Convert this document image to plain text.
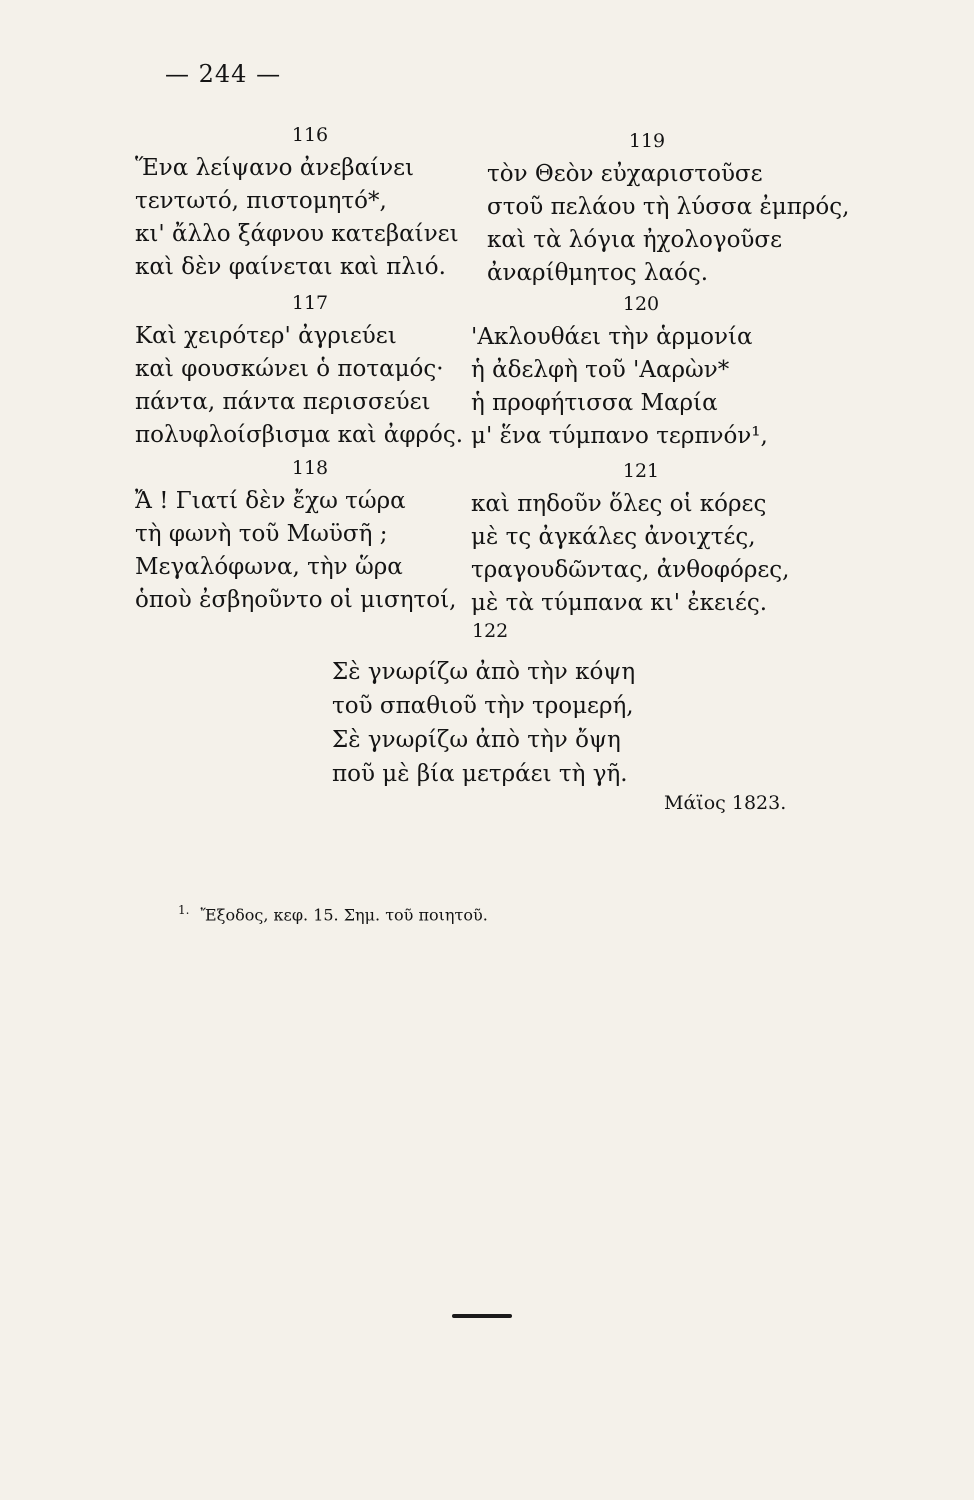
— 244 —
116
Ἕνα λείψανο ἀνεβαίνει
τεντωτό, πιστομητό*,
κι' ἄλλο ξάφνου κατεβαίνει
καὶ δὲν φαίνεται καὶ πλιό.
117
Καὶ χειρότερ' ἀγριεύει
καὶ φουσκώνει ὁ ποταμός·
πάντα, πάντα περισσεύει
πολυφλοίσβισμα καὶ ἀφρός.
118
Ἄ ! Γιατί δὲν ἔχω τώρα
τὴ φωνὴ τοῦ Μωϋσῆ ;
Μεγαλόφωνα, τὴν ὥρα
ὁποὺ ἐσβηοῦντο οἱ μισητοί,
119
τὸν Θεὸν εὐχαριστοῦσε
στοῦ πελάου τὴ λύσσα ἐμπρός,
καὶ τὰ λόγια ἠχολογοῦσε
ἀναρίθμητος λαός.
120
'Ακλουθάει τὴν ἁρμονία
ἡ ἀδελφὴ τοῦ 'Ααρὼν*
ἡ προφήτισσα Μαρία
μ' ἕνα τύμπανο τερπνόν¹,
121
καὶ πηδοῦν ὅλες οἱ κόρες
μὲ τς ἀγκάλες ἀνοιχτές,
τραγουδῶντας, ἀνθοφόρες,
μὲ τὰ τύμπανα κι' ἐκειές.
122
Σὲ γνωρίζω ἀπὸ τὴν κόψη
τοῦ σπαθιοῦ τὴν τρομερή,
Σὲ γνωρίζω ἀπὸ τὴν ὄψη
ποῦ μὲ βία μετράει τὴ γῆ.
Μάϊος 1823.
$^{1.}$ Ἔξοδος, κεφ. 15. Σημ. τοῦ ποιητοῦ.
